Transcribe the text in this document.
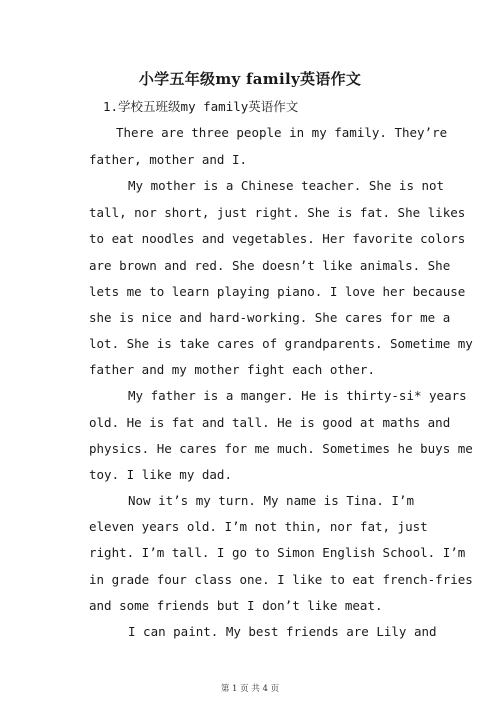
小学五年级my family英语作文
1.学校五班级my family英语作文
There are three people in my family. They’re
father, mother and I.
My mother is a Chinese teacher. She is not
tall, nor short, just right. She is fat. She likes
to eat noodles and vegetables. Her favorite colors
are brown and red. She doesn’t like animals. She
lets me to learn playing piano. I love her because
she is nice and hard-working. She cares for me a
lot. She is take cares of grandparents. Sometime my
father and my mother fight each other.
My father is a manger. He is thirty-si* years
old. He is fat and tall. He is good at maths and
physics. He cares for me much. Sometimes he buys me
toy. I like my dad.
Now it’s my turn. My name is Tina. I’m
eleven years old. I’m not thin, nor fat, just
right. I’m tall. I go to Simon English School. I’m
in grade four class one. I like to eat french-fries
and some friends but I don’t like meat.
I can paint. My best friends are Lily and
第 1 页 共 4 页
